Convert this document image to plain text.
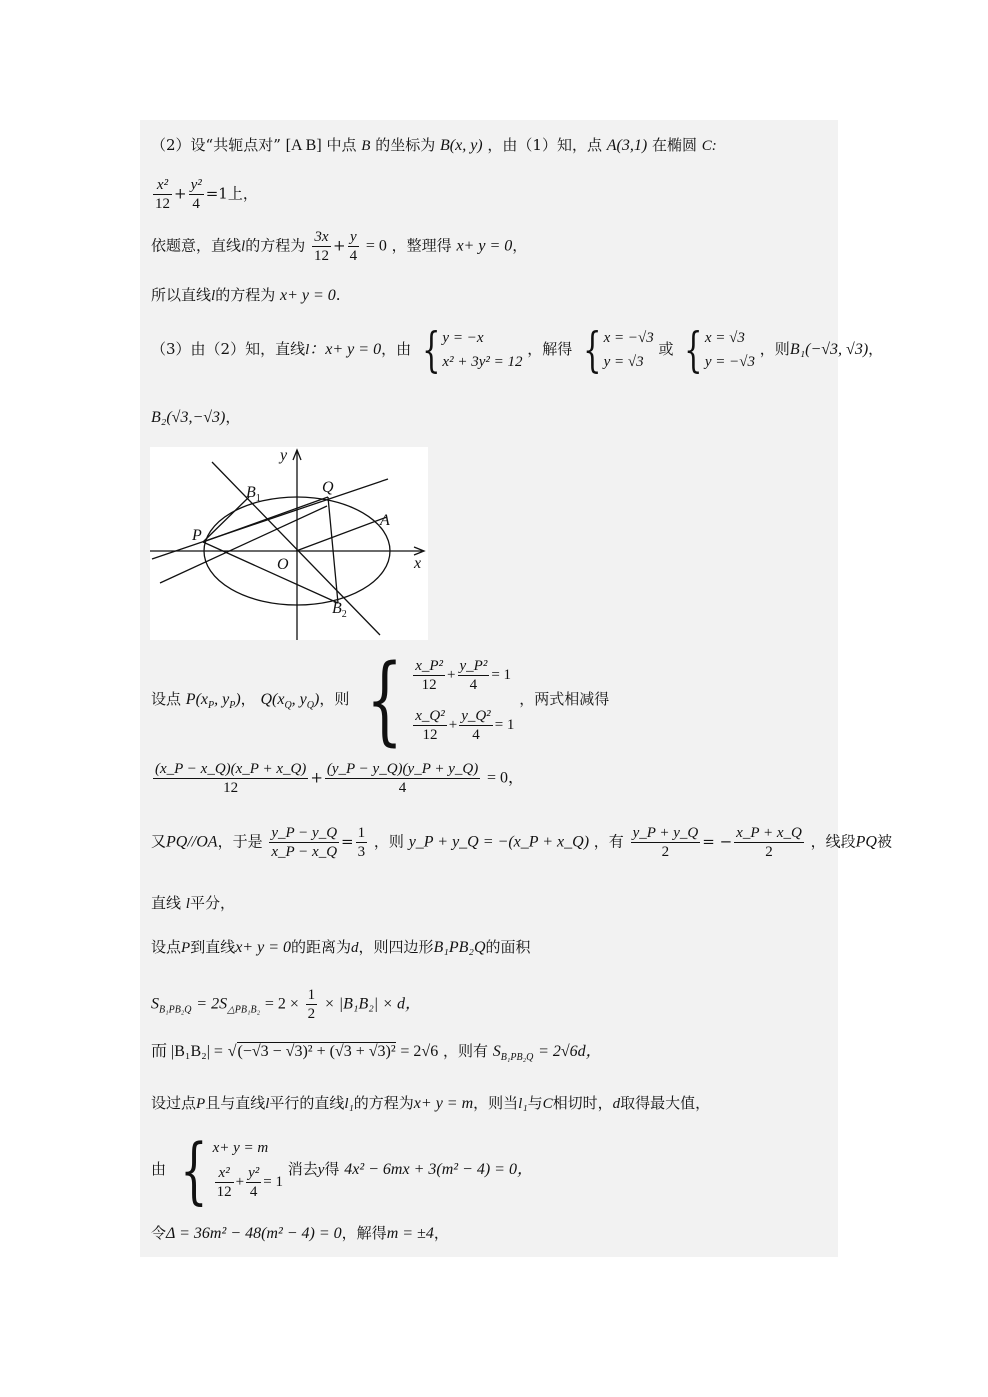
（2）设“共轭点对” [A B] 中点 B 的坐标为 B(x, y) ，由（1）知，点 A(3,1) 在椭圆 C:
$\frac{\text{x²}}{12} + \frac{\text{y²}}{4} =1$上，
依题意，直线l的方程为 $\frac{3x}{12} + \frac{y}{4} = 0$ ，整理得 x+ y = 0，
所以直线l的方程为 x+ y = 0.
（3）由（2）知，直线l：x+ y = 0，由 { y = −x
x² + 3y² = 12
，解得 { x = −√3
y = √3
或 { x = √3
y = −√3
，则B₁(−√3, √3)，
B₂(√3,−√3)，
y
x
O
A
Q
P
$B_1$
$B_2$
设点 $P(x_P$, $y_P$)， $Q(x_Q$, $y_Q$)，则 { $\frac{\text{x\_P²}}{12} + \frac{\text{y\_P²}}{4} = 1$
$\frac{\text{x\_Q²}}{12} + \frac{\text{y\_Q²}}{4} = 1$
，两式相减得
$\frac{(x\_P - x\_Q)(x\_P + x\_Q)}{12} + \frac{(y\_P - y\_Q)(y\_P + y\_Q)}{4} = 0$，
又PQ//OA，于是 $\frac{y\_P - y\_Q}{x\_P - x\_Q} = \frac{1}{3}$ ，则 y_P + y_Q = −(x_P + x_Q) ，有 $\frac{y\_P + y\_Q}{2}$ = − $\frac{x\_P + x\_Q}{2}$ ，线段PQ被
直线 l平分，
设点P到直线x+ y = 0的距离为d，则四边形B₁PB₂Q的面积
$S_{B_1PB_2Q} = 2S_{\triangle PB_1B_2} = 2 \times \frac{1}{2} \times |B_1B_2| \times d$，
而 |B₁B₂| = √(−√3 − √3)² + (√3 + √3)² = 2√6 ，则有 $S_{B_1PB_2Q} = 2√6d$，
设过点P且与直线l平行的直线l₁的方程为x+ y = m，则当l₁与C相切时，d取得最大值，
由 { x+ y = m
$\frac{\text{x²}}{12} + \frac{\text{y²}}{4} = 1$
消去y得 4x² − 6mx + 3(m² − 4) = 0，
令Δ = 36m² − 48(m² − 4) = 0，解得m = ±4，
